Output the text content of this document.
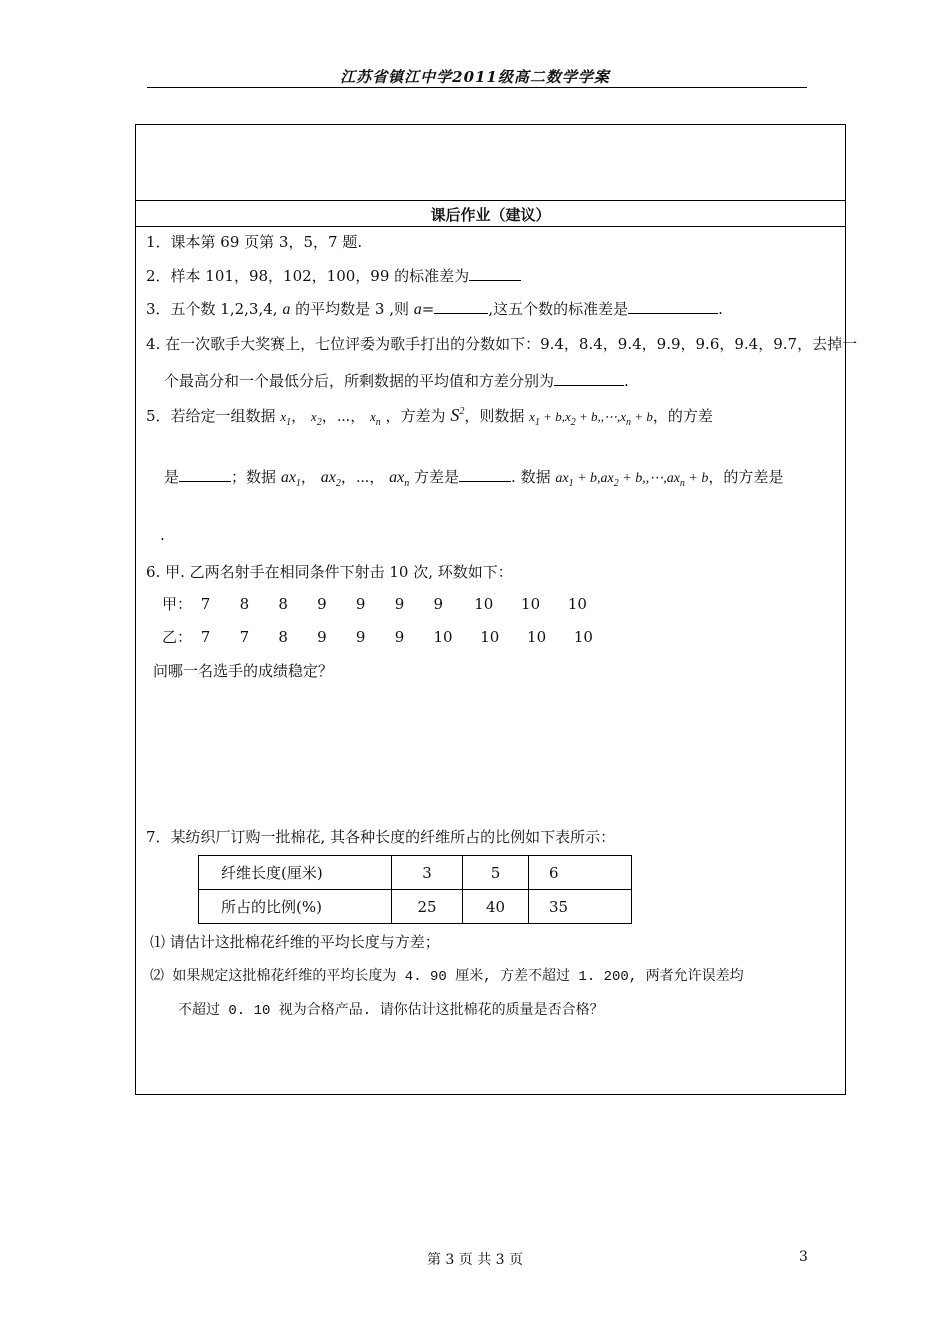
江苏省镇江中学2011级高二数学学案
课后作业（建议）
1．课本第 69 页第 3，5，7 题.
2．样本 101，98，102，100，99 的标准差为
3．五个数 1,2,3,4, a 的平均数是 3 ,则 a=	,这五个数的标准差是	.
4. 在一次歌手大奖赛上，七位评委为歌手打出的分数如下：9.4，8.4，9.4，9.9，9.6，9.4，9.7，去掉一
个最高分和一个最低分后，所剩数据的平均值和方差分别为	.
5．若给定一组数据 $x_1$， $x_2$，⋯， $x_n$ ，方差为 $S^2$，则数据 $x_1 + b,x_2$ + $b,,\cdots,x_n + b$，的方差
是	；数据 $ax_1$， $ax_2$，⋯， $ax_n$ 方差是	. 数据 $ax_1 + b,ax_2$ + $b,,\cdots,ax_n + b$，的方差是
.
6. 甲. 乙两名射手在相同条件下射击 10 次, 环数如下：
甲： 7 8 8 9 9 9 9 10 10 10
乙： 7 7 8 9 9 9 10 10 10 10
问哪一名选手的成绩稳定？
7．某纺织厂订购一批棉花, 其各种长度的纤维所占的比例如下表所示：
纤维长度(厘米)	3	5	6
所占的比例(%)	25	40	35
⑴ 请估计这批棉花纤维的平均长度与方差；
⑵ 如果规定这批棉花纤维的平均长度为 4. 90 厘米, 方差不超过 1. 200, 两者允许误差均
不超过 0. 10 视为合格产品. 请你估计这批棉花的质量是否合格？
第 3 页 共 3 页	3
